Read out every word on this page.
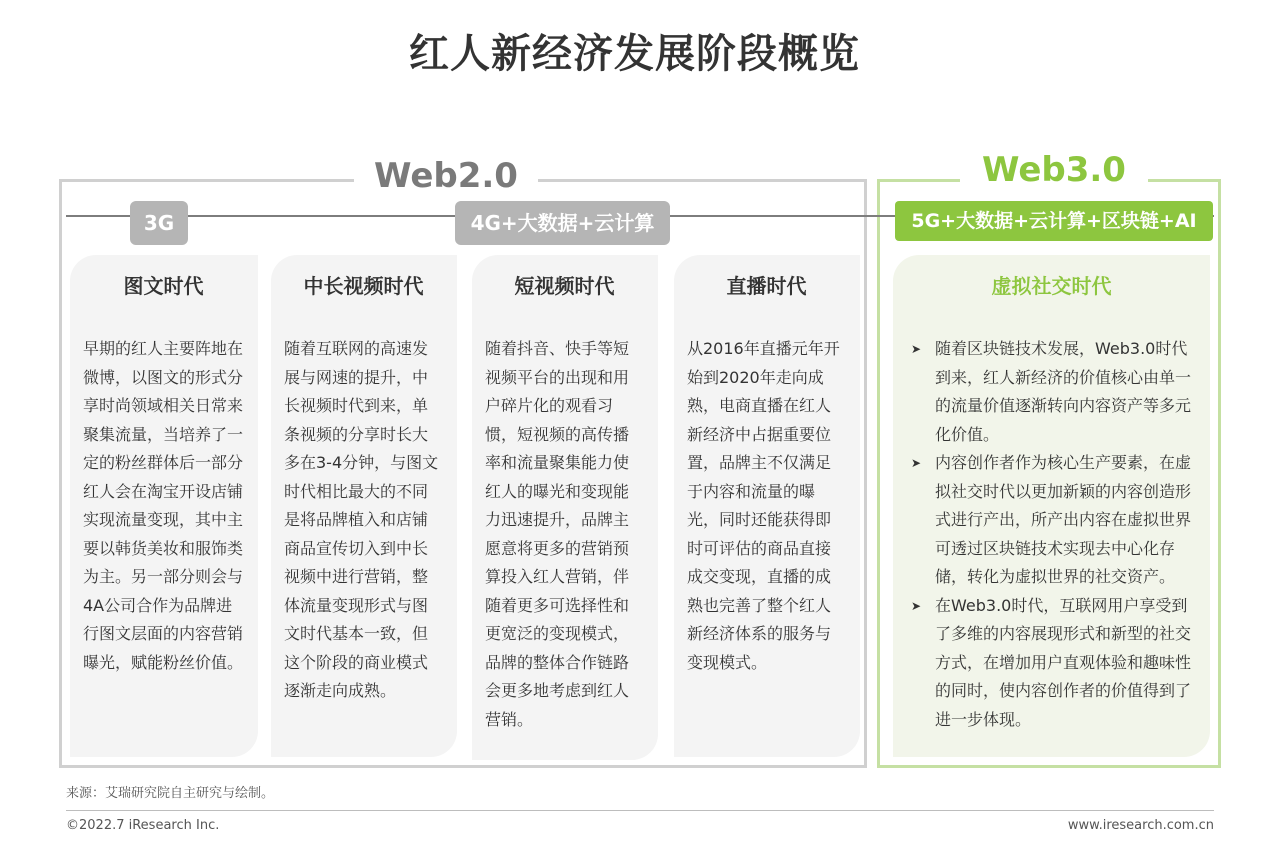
红人新经济发展阶段概览
Web2.0	Web3.0
3G	4G+大数据+云计算	5G+大数据+云计算+区块链+AI
图文时代
早期的红人主要阵地在微博，以图文的形式分享时尚领域相关日常来聚集流量，当培养了一定的粉丝群体后一部分红人会在淘宝开设店铺实现流量变现，其中主要以韩货美妆和服饰类为主。另一部分则会与4A公司合作为品牌进行图文层面的内容营销曝光，赋能粉丝价值。
中长视频时代
随着互联网的高速发展与网速的提升，中长视频时代到来，单条视频的分享时长大多在3-4分钟，与图文时代相比最大的不同是将品牌植入和店铺商品宣传切入到中长视频中进行营销，整体流量变现形式与图文时代基本一致，但这个阶段的商业模式逐渐走向成熟。
短视频时代
随着抖音、快手等短视频平台的出现和用户碎片化的观看习惯，短视频的高传播率和流量聚集能力使红人的曝光和变现能力迅速提升，品牌主愿意将更多的营销预算投入红人营销，伴随着更多可选择性和更宽泛的变现模式，品牌的整体合作链路会更多地考虑到红人营销。
直播时代
从2016年直播元年开始到2020年走向成熟，电商直播在红人新经济中占据重要位置，品牌主不仅满足于内容和流量的曝光，同时还能获得即时可评估的商品直接成交变现，直播的成熟也完善了整个红人新经济体系的服务与变现模式。
虚拟社交时代
➤ 随着区块链技术发展，Web3.0时代到来，红人新经济的价值核心由单一的流量价值逐渐转向内容资产等多元化价值。
➤ 内容创作者作为核心生产要素，在虚拟社交时代以更加新颖的内容创造形式进行产出，所产出内容在虚拟世界可透过区块链技术实现去中心化存储，转化为虚拟世界的社交资产。
➤ 在Web3.0时代，互联网用户享受到了多维的内容展现形式和新型的社交方式，在增加用户直观体验和趣味性的同时，使内容创作者的价值得到了进一步体现。
来源：艾瑞研究院自主研究与绘制。
©2022.7 iResearch Inc.	www.iresearch.com.cn
